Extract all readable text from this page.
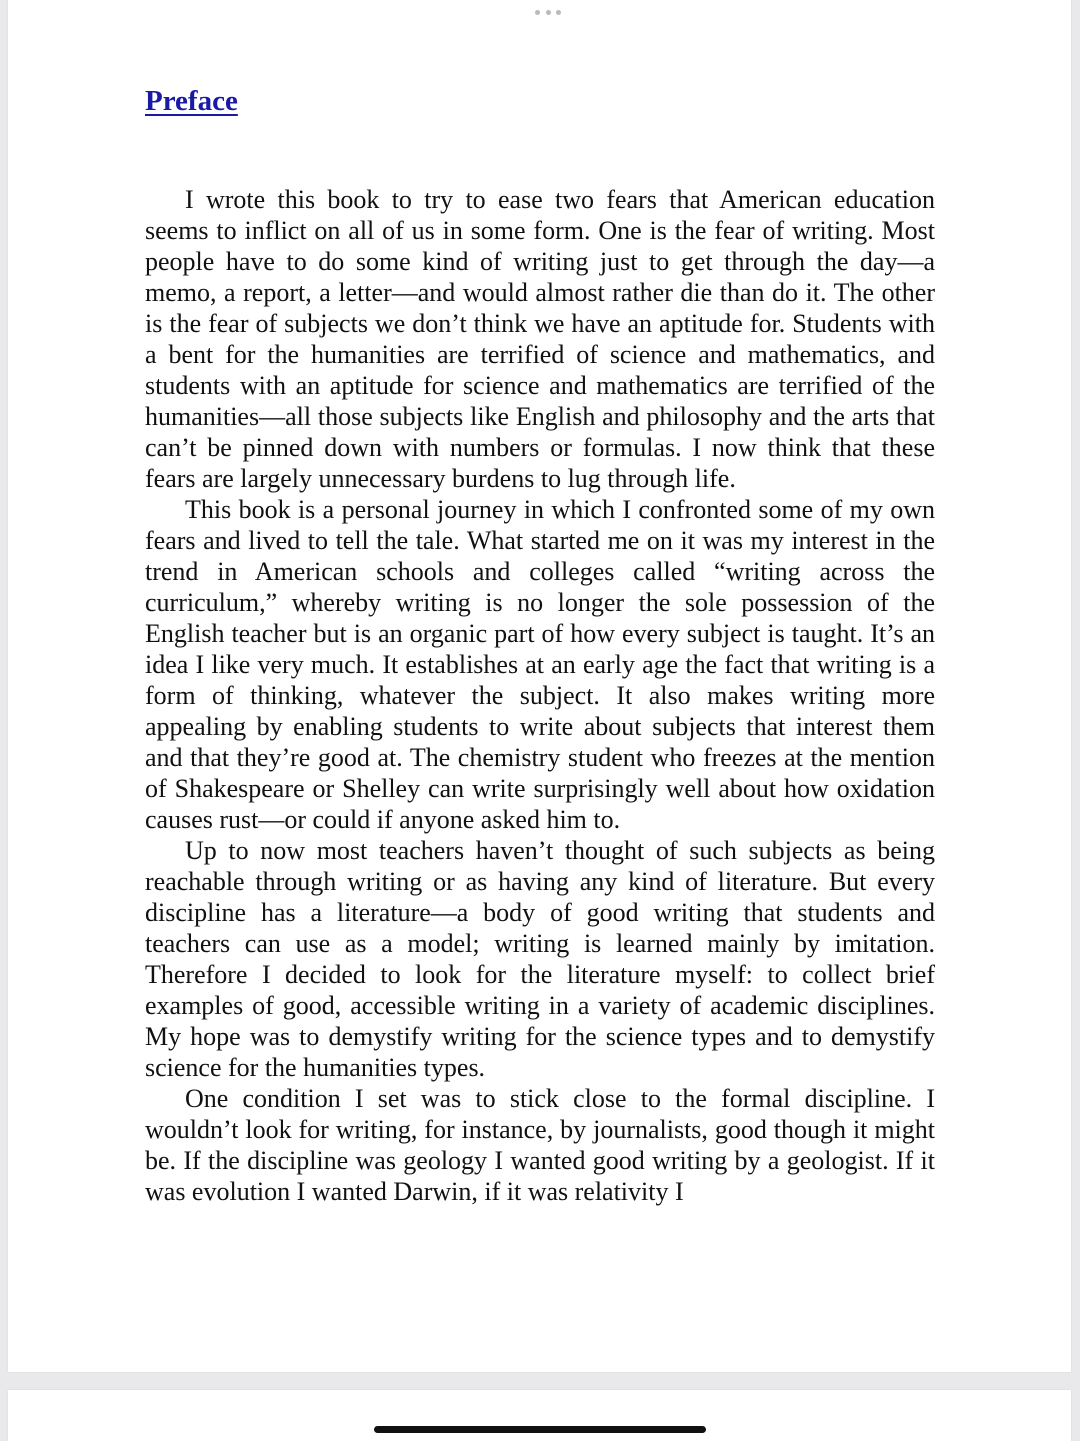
Preface

I wrote this book to try to ease two fears that American education seems to inflict on all of us in some form. One is the fear of writing. Most people have to do some kind of writing just to get through the day—a memo, a report, a letter—and would almost rather die than do it. The other is the fear of subjects we don’t think we have an aptitude for. Students with a bent for the humanities are terrified of science and mathematics, and students with an aptitude for science and mathematics are terrified of the humanities—all those subjects like English and philosophy and the arts that can’t be pinned down with numbers or formulas. I now think that these fears are largely unnecessary burdens to lug through life.

This book is a personal journey in which I confronted some of my own fears and lived to tell the tale. What started me on it was my interest in the trend in American schools and colleges called “writing across the curriculum,” whereby writing is no longer the sole possession of the English teacher but is an organic part of how every subject is taught. It’s an idea I like very much. It establishes at an early age the fact that writing is a form of thinking, whatever the subject. It also makes writing more appealing by enabling students to write about subjects that interest them and that they’re good at. The chemistry student who freezes at the mention of Shakespeare or Shelley can write surprisingly well about how oxidation causes rust—or could if anyone asked him to.

Up to now most teachers haven’t thought of such subjects as being reachable through writing or as having any kind of literature. But every discipline has a literature—a body of good writing that students and teachers can use as a model; writing is learned mainly by imitation. Therefore I decided to look for the literature myself: to collect brief examples of good, accessible writing in a variety of academic disciplines. My hope was to demystify writing for the science types and to demystify science for the humanities types.

One condition I set was to stick close to the formal discipline. I wouldn’t look for writing, for instance, by journalists, good though it might be. If the discipline was geology I wanted good writing by a geologist. If it was evolution I wanted Darwin, if it was relativity I
